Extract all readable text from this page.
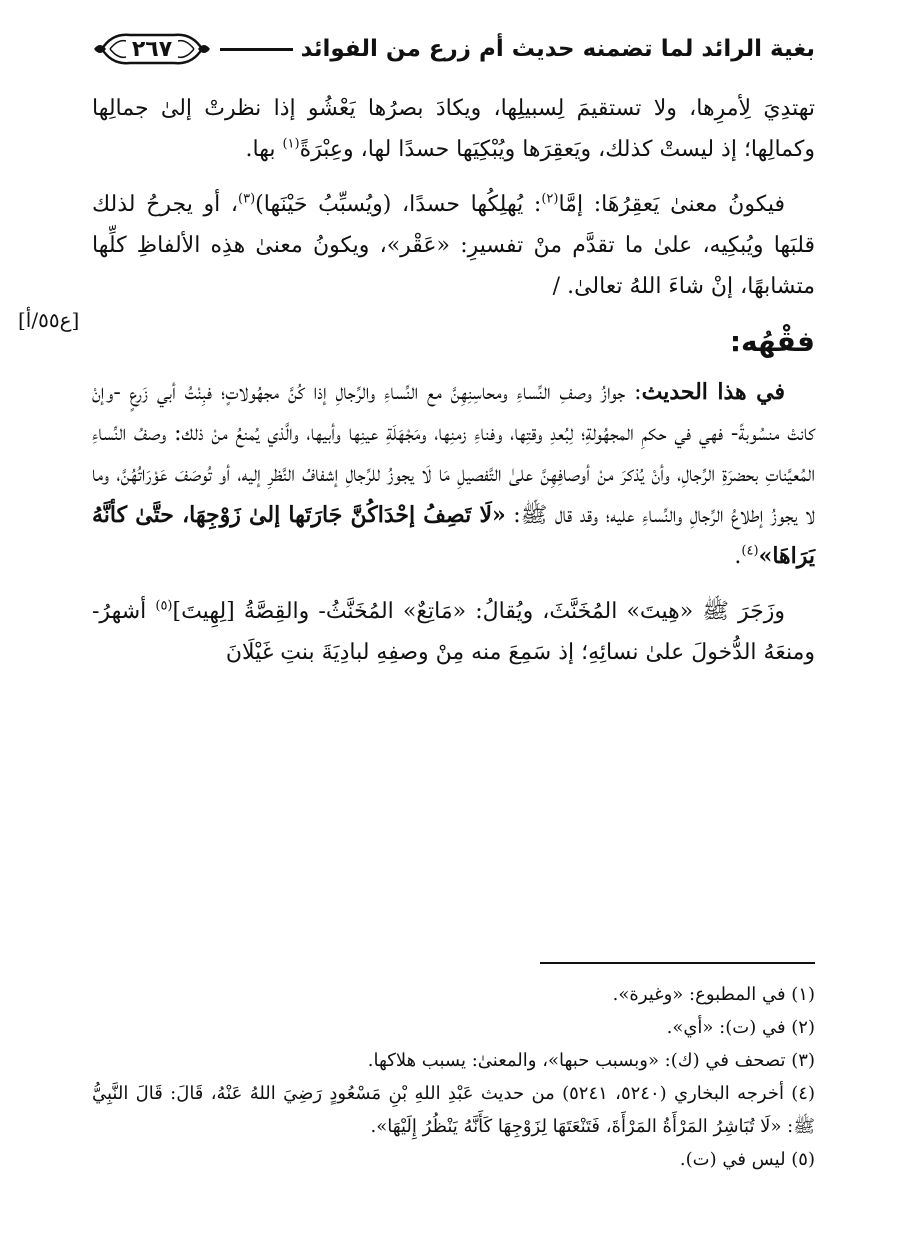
بغية الرائد لما تضمنه حديث أم زرع من الفوائد
٢٦٧
[ع٥٥/أ]

تهتدِيَ لِأمرِها، ولا تستقيمَ لِسبيلِها، ويكادَ بصرُها يَعْشُو إذا نظرتْ إلىٰ جمالِها وكمالِها؛ إذ ليستْ كذلك، ويَعقِرَها ويُبْكِيَها حسدًا لها، وعِبْرَةً$^{(١)}$ بها.

فيكونُ معنىٰ يَعقِرُهَا: إمَّا$^{(٢)}$: يُهلِكُها حسدًا، (ويُسبِّبُ حَيْنَها)$^{(٣)}$، أو يجرحُ لذلك قلبَها ويُبكِيه، علىٰ ما تقدَّم منْ تفسيرِ: «عَقْر»، ويكونُ معنىٰ هذِه الألفاظِ كلِّها متشابهًا، إنْ شاءَ اللهُ تعالىٰ. /

فقْهُه:

في هذا الحديث: جوازُ وصفِ النِّساءِ ومحاسِنِهِنَّ مع النِّساءِ والرِّجالِ إذا كُنَّ مجهُولاتٍ؛ فبِنْتُ أبي زَرعٍ -وإنْ كانتْ منسُوبةً- فهي في حكمِ المجهُولةِ؛ لِبُعدِ وقتِها، وفناءِ زمنِها، ومَجْهَلَةِ عينِها وأبيها، والَّذي يُمنعُ منْ ذلك: وصفُ النِّساءِ المُعيَّناتِ بحضرَةِ الرِّجالِ، وأنْ يُذكرَ منْ أوصافِهِنَّ علىٰ التَّفصيلِ مَا لَا يجوزُ للرِّجالِ إشفافُ النَّظرِ إليه، أو تُوصَفَ عَوْرَاتُهُنَّ، وما لا يجوزُ إطلاعُ الرِّجالِ والنِّساءِ عليه؛ وقد قال ﷺ: «لَا تَصِفُ إحْدَاكُنَّ جَارَتَها إلىٰ زَوْجِهَا، حتَّىٰ كأنَّهُ يَرَاهَا»$^{(٤)}$.

وزَجَرَ ﷺ «هِيتَ» المُخَنَّثَ، ويُقالُ: «مَاتِعٌ» المُخَنَّثُ- والقِصَّةُ [لِهِيتَ]$^{(٥)}$ أشهرُ- ومنعَهُ الدُّخولَ علىٰ نسائِهِ؛ إذ سَمِعَ منه مِنْ وصفِهِ لبادِيَةَ بنتِ غَيْلَانَ

(١) في المطبوع: «وغيرة».

(٢) في (ت): «أي».

(٣) تصحف في (ك): «وبسبب حبها»، والمعنىٰ: يسبب هلاكها.

(٤) أخرجه البخاري (٥٢٤٠، ٥٢٤١) من حديث عَبْدِ اللهِ بْنِ مَسْعُودٍ رَضِيَ اللهُ عَنْهُ، قَالَ: قَالَ النَّبِيُّ ﷺ: «لَا تُبَاشِرُ المَرْأَةُ المَرْأَةَ، فَتَنْعَتَهَا لِزَوْجِهَا كَأَنَّهُ يَنْظُرُ إِلَيْهَا».

(٥) ليس في (ت).
